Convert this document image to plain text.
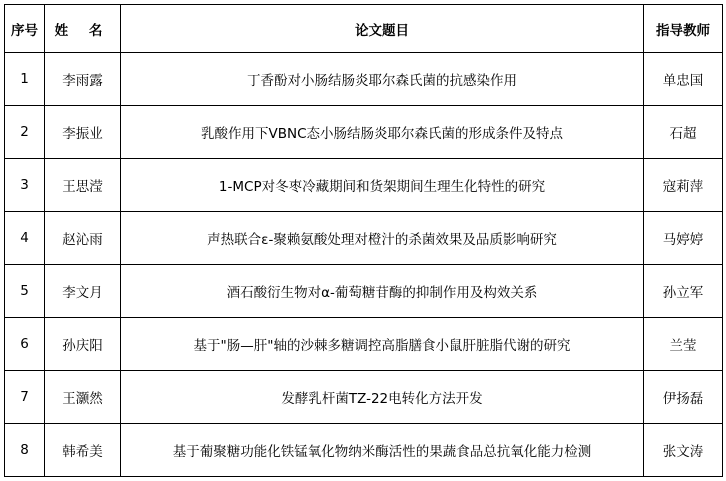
序号	姓 名	论文题目	指导教师
1	李雨露	丁香酚对小肠结肠炎耶尔森氏菌的抗感染作用	单忠国
2	李振业	乳酸作用下VBNC态小肠结肠炎耶尔森氏菌的形成条件及特点	石超
3	王思滢	1-MCP对冬枣冷藏期间和货架期间生理生化特性的研究	寇莉萍
4	赵沁雨	声热联合ε-聚赖氨酸处理对橙汁的杀菌效果及品质影响研究	马婷婷
5	李文月	酒石酸衍生物对α-葡萄糖苷酶的抑制作用及构效关系	孙立军
6	孙庆阳	基于"肠—肝"轴的沙棘多糖调控高脂膳食小鼠肝脏脂代谢的研究	兰莹
7	王灏然	发酵乳杆菌TZ-22电转化方法开发	伊扬磊
8	韩希美	基于葡聚糖功能化铁锰氧化物纳米酶活性的果蔬食品总抗氧化能力检测	张文涛
